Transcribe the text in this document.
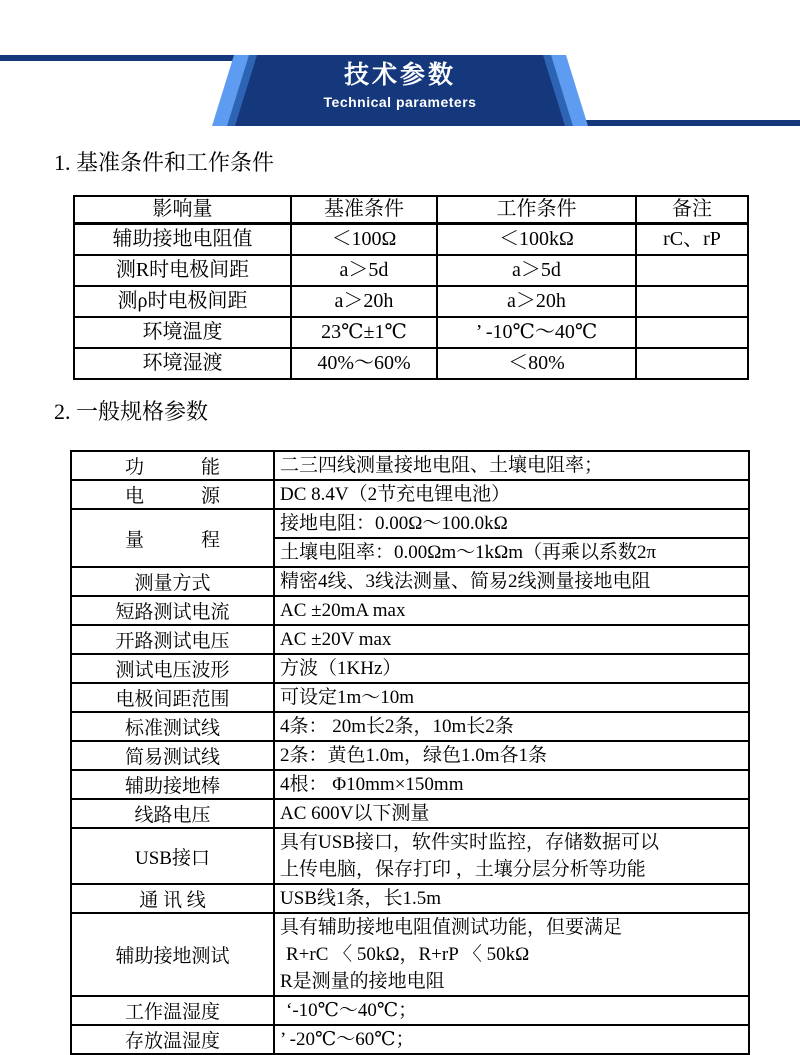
技术参数
Technical parameters
1. 基准条件和工作条件
影响量	基准条件	工作条件	备注
辅助接地电阻值	＜100Ω	＜100kΩ	rC、rP
测R时电极间距	a＞5d	a＞5d	
测ρ时电极间距	a＞20h	a＞20h	
环境温度	23℃±1℃	’ -10℃～40℃	
环境湿渡	40%～60%	＜80%	
2. 一般规格参数
功　　　能	二三四线测量接地电阻、土壤电阻率；

电　　　源	DC 8.4V（2节充电锂电池）

量　　　程	接地电阻：0.00Ω～100.0kΩ

	土壤电阻率：0.00Ωm～1kΩm（再乘以系数2π

测量方式	精密4线、3线法测量、简易2线测量接地电阻

短路测试电流	AC ±20mA max

开路测试电压	AC ±20V max

测试电压波形	方波（1KHz）

电极间距范围	可设定1m～10m

标准测试线	4条： 20m长2条，10m长2条

简易测试线	2条：黄色1.0m，绿色1.0m各1条

辅助接地棒	4根： Φ10mm×150mm

线路电压	AC 600V以下测量

USB接口	具有USB接口，软件实时监控，存储数据可以
上传电脑，保存打印 ，土壤分层分析等功能

通 讯 线	USB线1条，长1.5m

辅助接地测试	具有辅助接地电阻值测试功能，但要满足
R+rC 〈 50kΩ，R+rP 〈 50kΩ
R是测量的接地电阻

工作温湿度	‘-10℃～40℃；

存放温湿度	’ -20℃～60℃；
